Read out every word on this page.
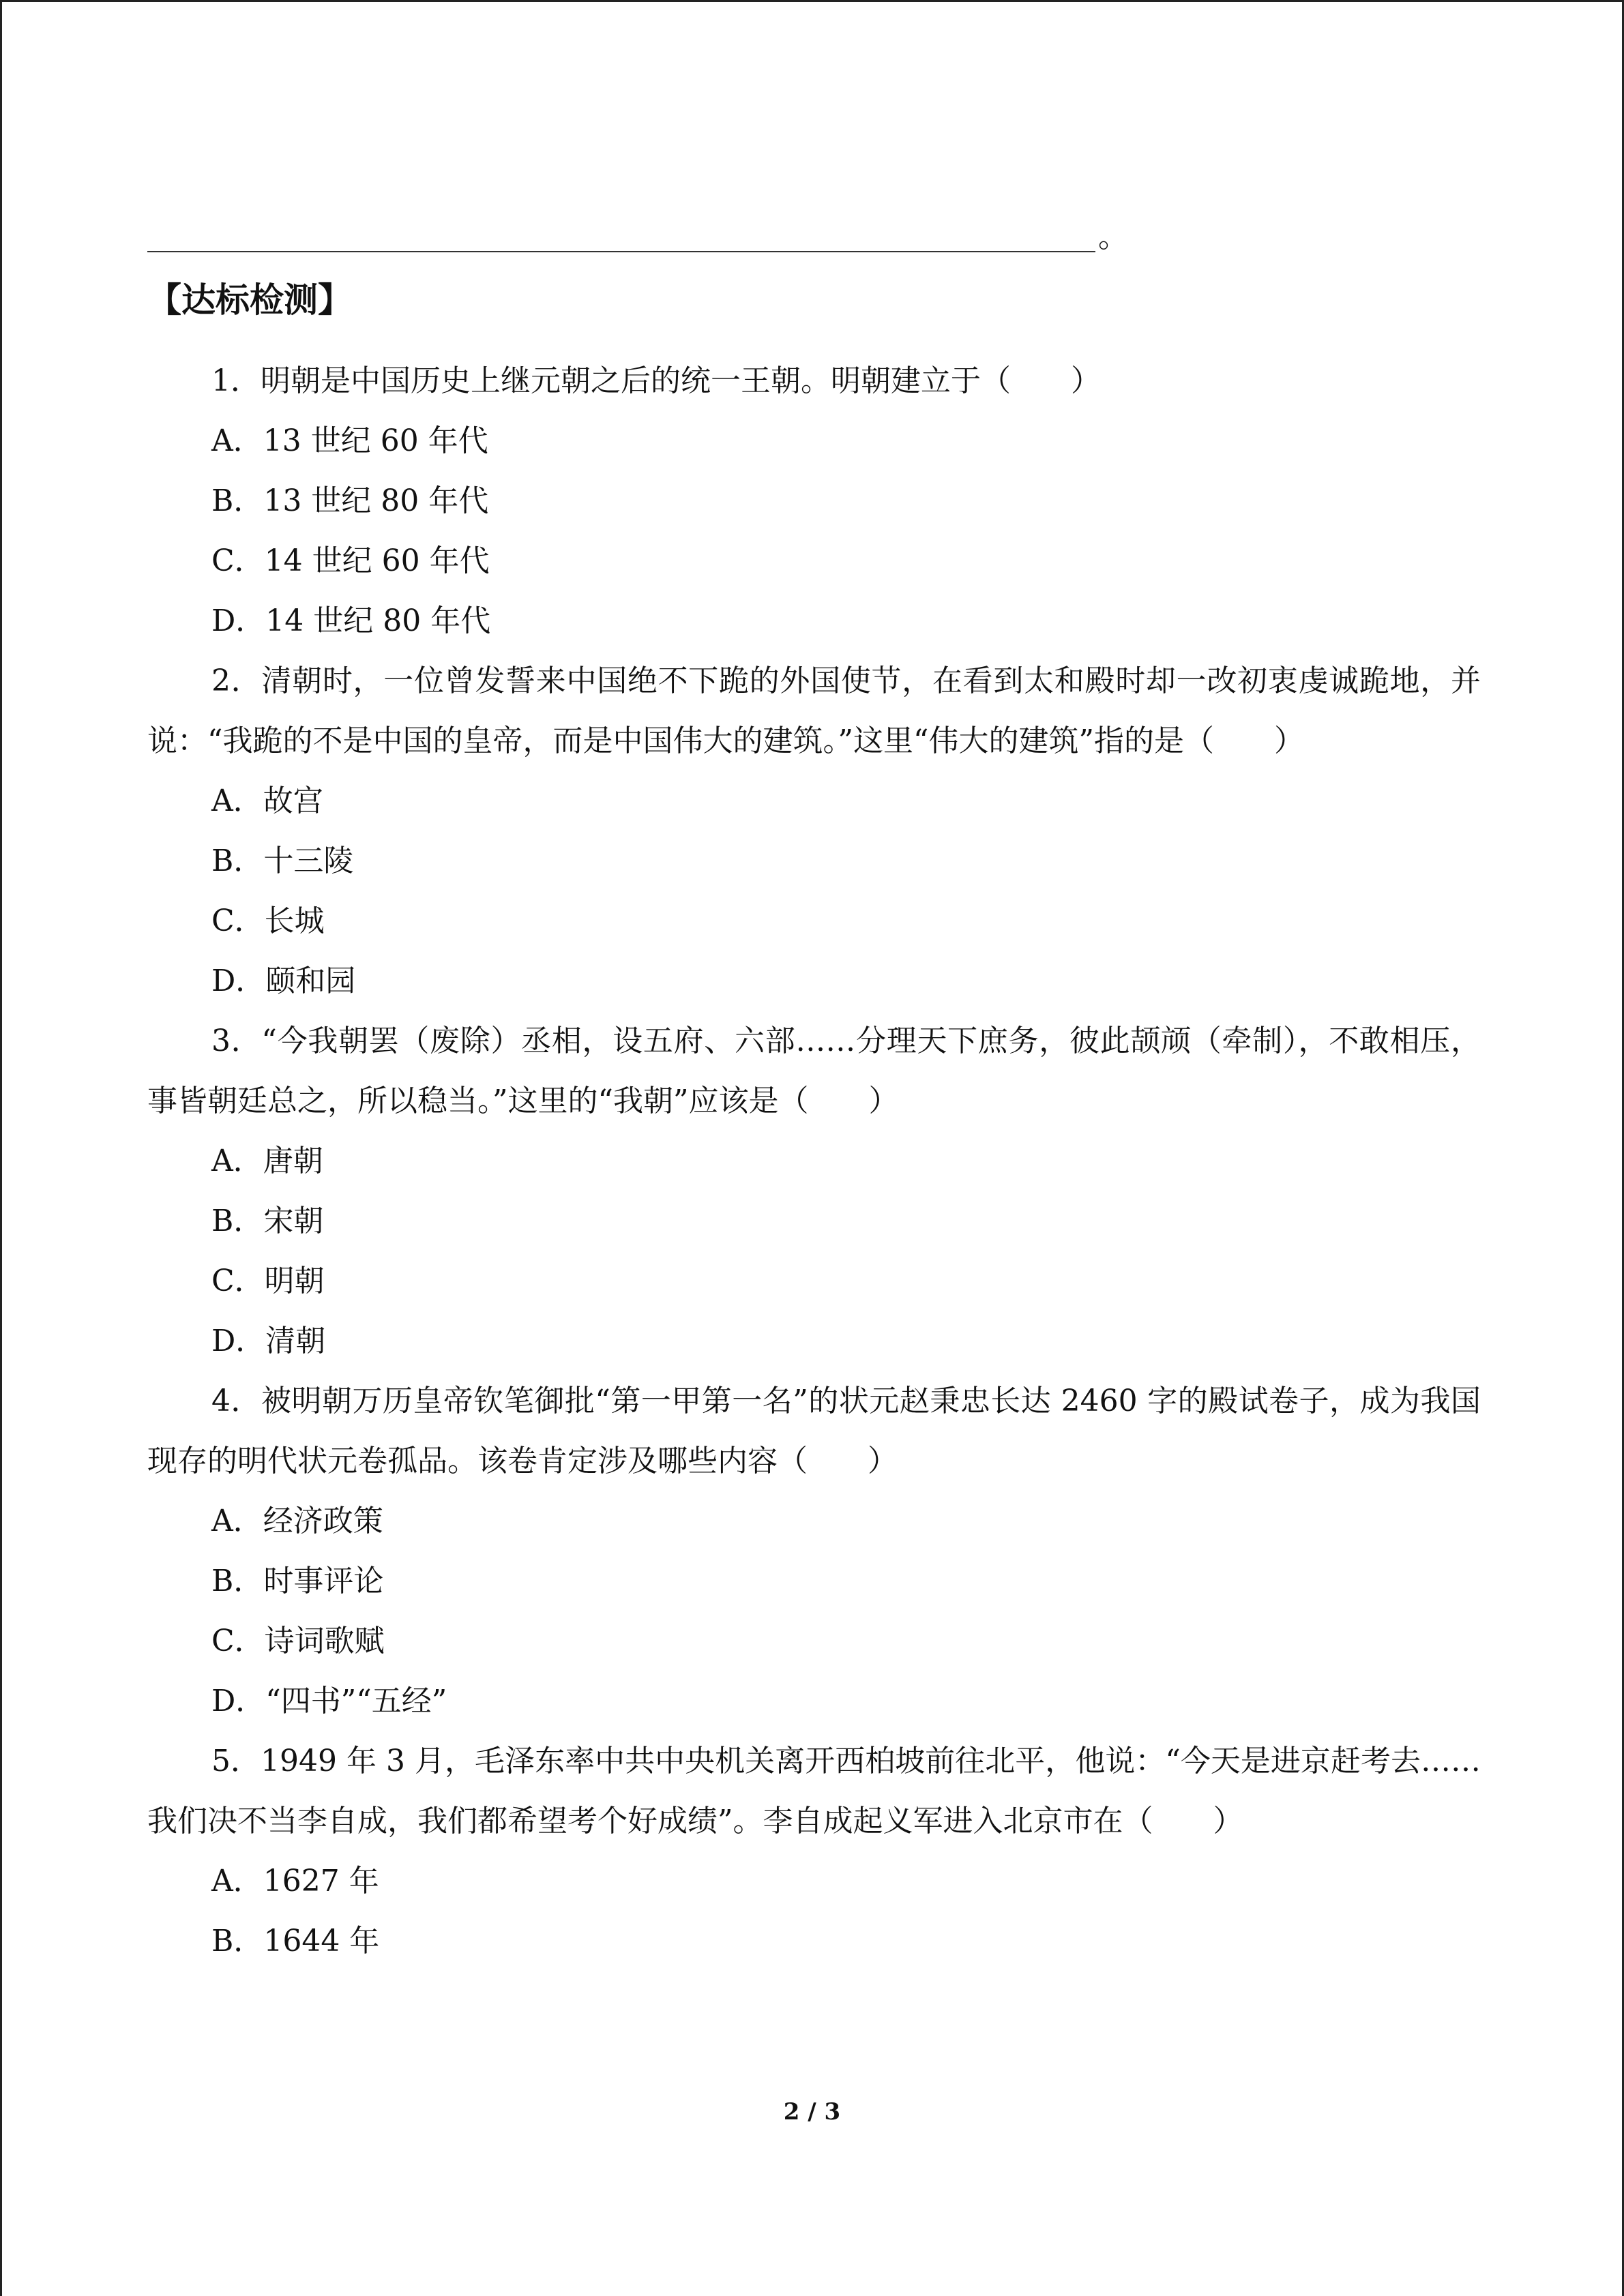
。
【达标检测】

1．明朝是中国历史上继元朝之后的统一王朝。明朝建立于（　　）

A．13 世纪 60 年代

B．13 世纪 80 年代

C．14 世纪 60 年代

D．14 世纪 80 年代

2．清朝时，一位曾发誓来中国绝不下跪的外国使节，在看到太和殿时却一改初衷虔诚跪地，并说：“我跪的不是中国的皇帝，而是中国伟大的建筑。”这里“伟大的建筑”指的是（　　）

A．故宫

B．十三陵

C．长城

D．颐和园

3．“今我朝罢（废除）丞相，设五府、六部……分理天下庶务，彼此颉颃（牵制），不敢相压，事皆朝廷总之，所以稳当。”这里的“我朝”应该是（　　）

A．唐朝

B．宋朝

C．明朝

D．清朝

4．被明朝万历皇帝钦笔御批“第一甲第一名”的状元赵秉忠长达 2460 字的殿试卷子，成为我国现存的明代状元卷孤品。该卷肯定涉及哪些内容（　　）

A．经济政策

B．时事评论

C．诗词歌赋

D．“四书”“五经”

5．1949 年 3 月，毛泽东率中共中央机关离开西柏坡前往北平，他说：“今天是进京赶考去……我们决不当李自成，我们都希望考个好成绩”。李自成起义军进入北京市在（　　）

A．1627 年

B．1644 年

2 / 3
